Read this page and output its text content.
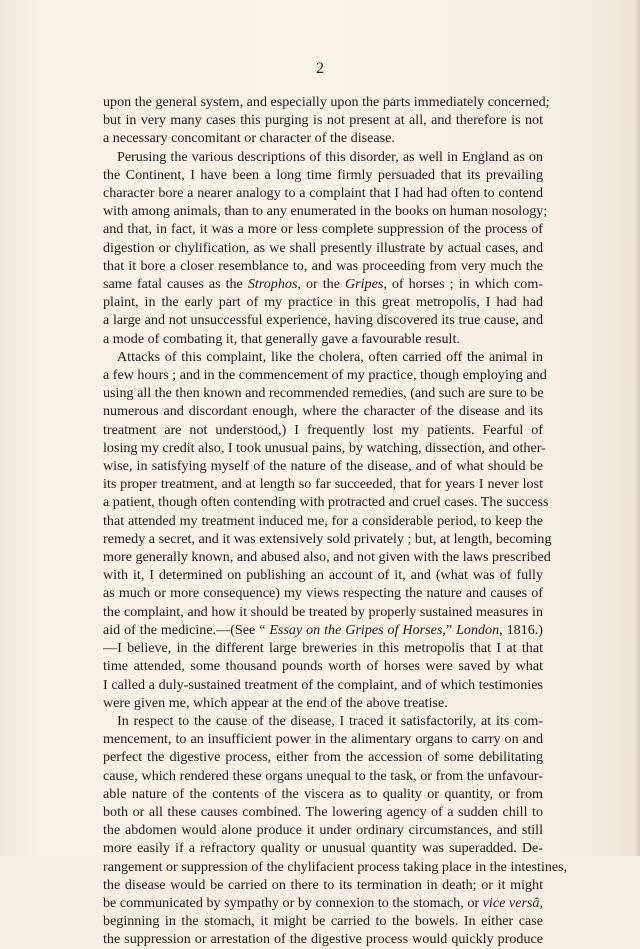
2
upon the general system, and especially upon the parts immediately concerned;
but in very many cases this purging is not present at all, and therefore is not
a necessary concomitant or character of the disease.
Perusing the various descriptions of this disorder, as well in England as on
the Continent, I have been a long time firmly persuaded that its prevailing
character bore a nearer analogy to a complaint that I had had often to contend
with among animals, than to any enumerated in the books on human nosology;
and that, in fact, it was a more or less complete suppression of the process of
digestion or chylification, as we shall presently illustrate by actual cases, and
that it bore a closer resemblance to, and was proceeding from very much the
same fatal causes as the Strophos, or the Gripes, of horses ; in which com-
plaint, in the early part of my practice in this great metropolis, I had had
a large and not unsuccessful experience, having discovered its true cause, and
a mode of combating it, that generally gave a favourable result.
Attacks of this complaint, like the cholera, often carried off the animal in
a few hours ; and in the commencement of my practice, though employing and
using all the then known and recommended remedies, (and such are sure to be
numerous and discordant enough, where the character of the disease and its
treatment are not understood,) I frequently lost my patients. Fearful of
losing my credit also, I took unusual pains, by watching, dissection, and other-
wise, in satisfying myself of the nature of the disease, and of what should be
its proper treatment, and at length so far succeeded, that for years I never lost
a patient, though often contending with protracted and cruel cases. The success
that attended my treatment induced me, for a considerable period, to keep the
remedy a secret, and it was extensively sold privately ; but, at length, becoming
more generally known, and abused also, and not given with the laws prescribed
with it, I determined on publishing an account of it, and (what was of fully
as much or more consequence) my views respecting the nature and causes of
the complaint, and how it should be treated by properly sustained measures in
aid of the medicine.—(See “ Essay on the Gripes of Horses,” London, 1816.)
—I believe, in the different large breweries in this metropolis that I at that
time attended, some thousand pounds worth of horses were saved by what
I called a duly-sustained treatment of the complaint, and of which testimonies
were given me, which appear at the end of the above treatise.
In respect to the cause of the disease, I traced it satisfactorily, at its com-
mencement, to an insufficient power in the alimentary organs to carry on and
perfect the digestive process, either from the accession of some debilitating
cause, which rendered these organs unequal to the task, or from the unfavour-
able nature of the contents of the viscera as to quality or quantity, or from
both or all these causes combined. The lowering agency of a sudden chill to
the abdomen would alone produce it under ordinary circumstances, and still
more easily if a refractory quality or unusual quantity was superadded. De-
rangement or suppression of the chylifacient process taking place in the intestines,
the disease would be carried on there to its termination in death; or it might
be communicated by sympathy or by connexion to the stomach, or vice versâ,
beginning in the stomach, it might be carried to the bowels. In either case
the suppression or arrestation of the digestive process would quickly produce
